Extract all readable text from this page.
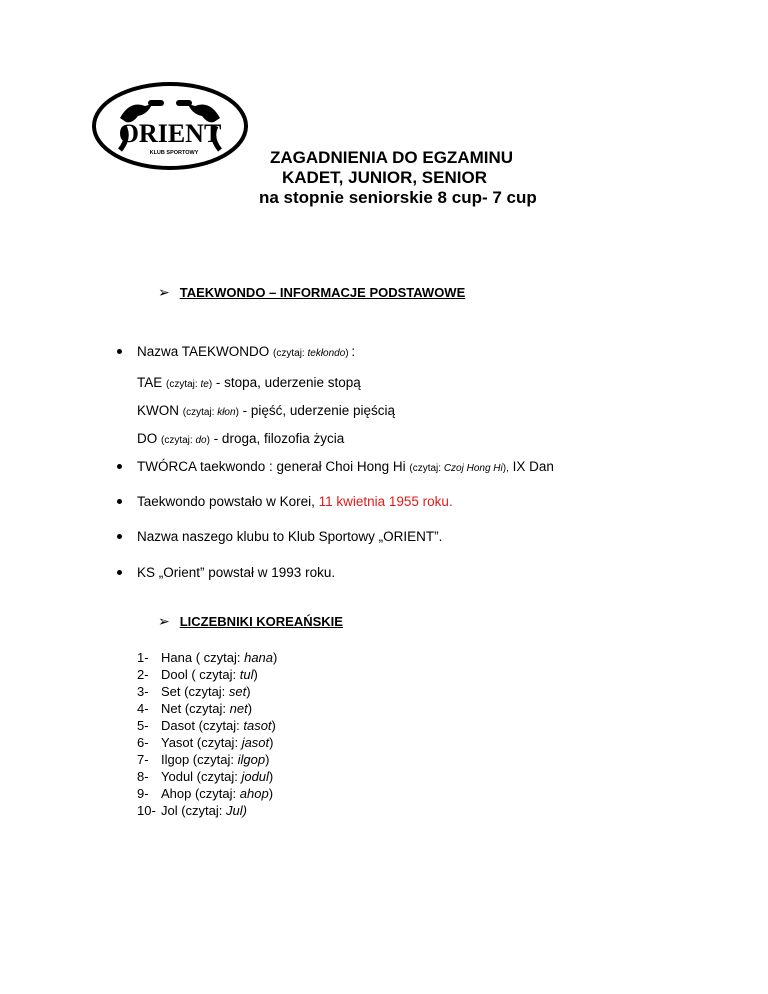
ORIENT
KLUB SPORTOWY	ZAGADNIENIA DO EGZAMINU
KADET, JUNIOR, SENIOR
na stopnie seniorskie 8 cup- 7 cup
➢ TAEKWONDO – INFORMACJE PODSTAWOWE
Nazwa TAEKWONDO (czytaj: tekłondo) :
TAE (czytaj: te) - stopa, uderzenie stopą
KWON (czytaj: kłon) - pięść, uderzenie pięścią
DO (czytaj: do) - droga, filozofia życia
TWÓRCA taekwondo : generał Choi Hong Hi (czytaj: Czoj Hong Hi), IX Dan
Taekwondo powstało w Korei, 11 kwietnia 1955 roku.
Nazwa naszego klubu to Klub Sportowy „ORIENT”.
KS „Orient” powstał w 1993 roku.
➢ LICZEBNIKI KOREAŃSKIE
1- Hana ( czytaj: hana)
2- Dool ( czytaj: tul)
3- Set (czytaj: set)
4- Net (czytaj: net)
5- Dasot (czytaj: tasot)
6- Yasot (czytaj: jasot)
7- Ilgop (czytaj: ilgop)
8- Yodul (czytaj: jodul)
9- Ahop (czytaj: ahop)
10- Jol (czytaj: Jul)
